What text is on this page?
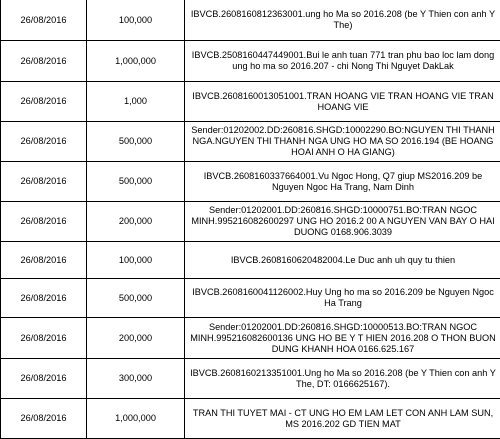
26/08/2016	100,000	IBVCB.2608160812363001.ung ho Ma so 2016.208 (be Y Thien con anh Y The)	
26/08/2016	1,000,000	IBVCB.2508160447449001.Bui le anh tuan 771 tran phu bao loc lam dong ung ho ma so 2016.207 - chi Nong Thi Nguyet DakLak	
26/08/2016	1,000	IBVCB.2608160013051001.TRAN HOANG VIE TRAN HOANG VIE TRAN HOANG VIE	
26/08/2016	500,000	Sender:01202002.DD:260816.SHGD:10002290.BO:NGUYEN THI THANH NGA.NGUYEN THI THANH NGA UNG HO MA SO 2016.194 (BE HOANG HOAI ANH O HA GIANG)	
26/08/2016	500,000	IBVCB.2608160337664001.Vu Ngoc Hong, Q7 giup MS2016.209 be Nguyen Ngoc Ha Trang, Nam Dinh	
26/08/2016	200,000	Sender:01202001.DD:260816.SHGD:10000751.BO:TRAN NGOC MINH.995216082600297 UNG HO 2016.2 00 A NGUYEN VAN BAY O HAI DUONG 0168.906.3039	
26/08/2016	100,000	IBVCB.2608160620482004.Le Duc anh uh quy tu thien	
26/08/2016	500,000	IBVCB.2608160041126002.Huy Ung ho ma so 2016.209 be Nguyen Ngoc Ha Trang	
26/08/2016	200,000	Sender:01202001.DD:260816.SHGD:10000513.BO:TRAN NGOC MINH.995216082600136 UNG HO BE Y T HIEN 2016.208 O THON BUON DUNG KHANH HOA 0166.625.167	
26/08/2016	300,000	IBVCB.2608160213351001.Ung ho Ma so 2016.208 (be Y Thien con anh Y The, DT: 0166625167).	
26/08/2016	1,000,000	TRAN THI TUYET MAI - CT UNG HO EM LAM LET CON ANH LAM SUN, MS 2016.202 GD TIEN MAT	
